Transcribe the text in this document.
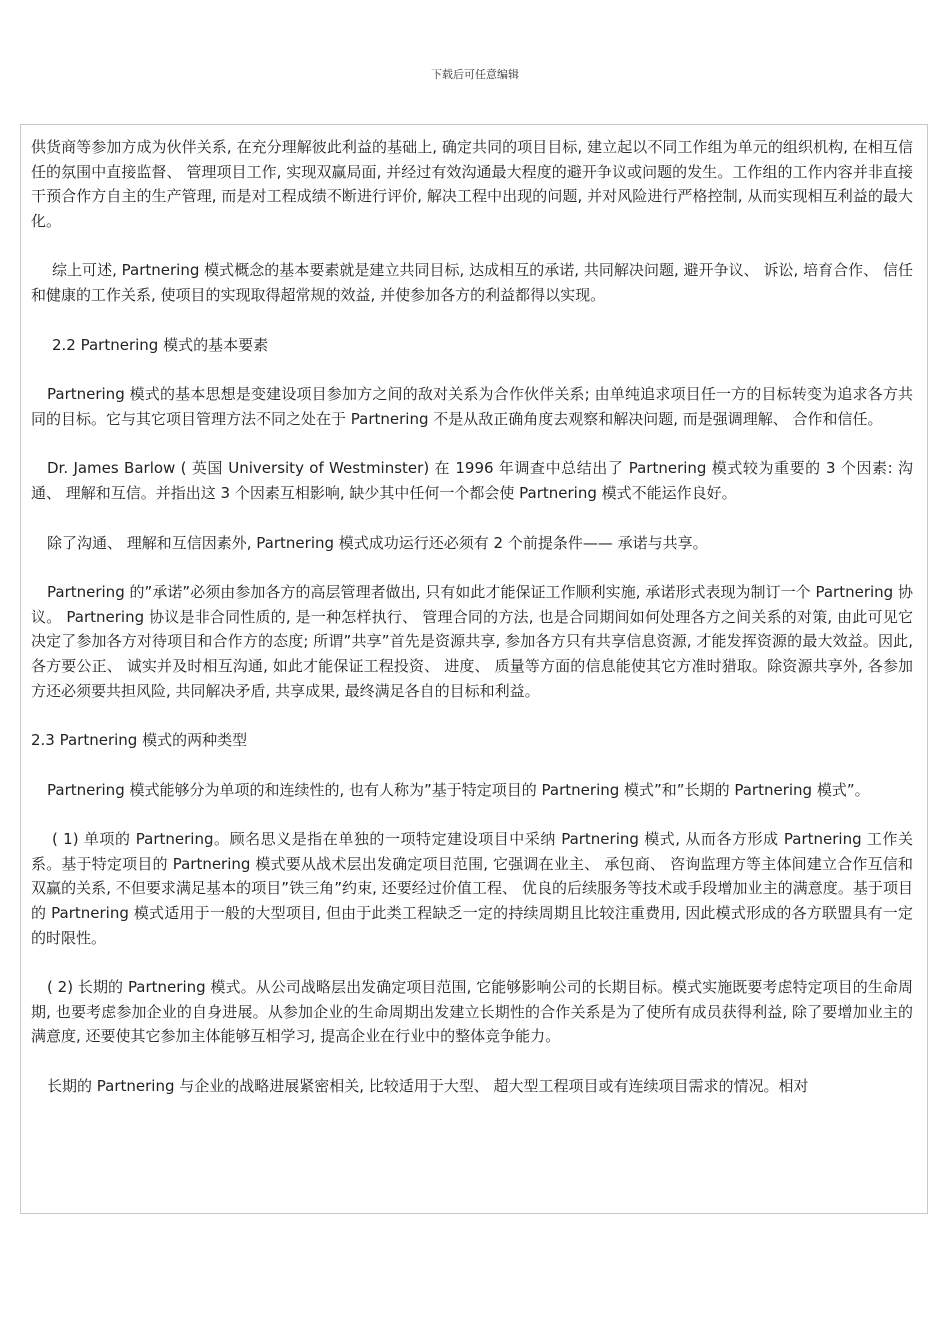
下载后可任意编辑

供货商等参加方成为伙伴关系, 在充分理解彼此利益的基础上, 确定共同的项目目标, 建立起以不同工作组为单元的组织机构, 在相互信任的氛围中直接监督、 管理项目工作, 实现双赢局面, 并经过有效沟通最大程度的避开争议或问题的发生。工作组的工作内容并非直接干预合作方自主的生产管理, 而是对工程成绩不断进行评价, 解决工程中出现的问题, 并对风险进行严格控制, 从而实现相互利益的最大化。

综上可述, Partnering 模式概念的基本要素就是建立共同目标, 达成相互的承诺, 共同解决问题, 避开争议、 诉讼, 培育合作、 信任和健康的工作关系, 使项目的实现取得超常规的效益, 并使参加各方的利益都得以实现。

2.2 Partnering 模式的基本要素

Partnering 模式的基本思想是变建设项目参加方之间的敌对关系为合作伙伴关系; 由单纯追求项目任一方的目标转变为追求各方共同的目标。它与其它项目管理方法不同之处在于 Partnering 不是从敌正确角度去观察和解决问题, 而是强调理解、 合作和信任。

Dr. James Barlow ( 英国 University of Westminster) 在 1996 年调查中总结出了 Partnering 模式较为重要的 3 个因素: 沟通、 理解和互信。并指出这 3 个因素互相影响, 缺少其中任何一个都会使 Partnering 模式不能运作良好。

除了沟通、 理解和互信因素外, Partnering 模式成功运行还必须有 2 个前提条件—— 承诺与共享。

Partnering 的”承诺”必须由参加各方的高层管理者做出, 只有如此才能保证工作顺利实施, 承诺形式表现为制订一个 Partnering 协议。 Partnering 协议是非合同性质的, 是一种怎样执行、 管理合同的方法, 也是合同期间如何处理各方之间关系的对策, 由此可见它决定了参加各方对待项目和合作方的态度; 所谓”共享”首先是资源共享, 参加各方只有共享信息资源, 才能发挥资源的最大效益。因此, 各方要公正、 诚实并及时相互沟通, 如此才能保证工程投资、 进度、 质量等方面的信息能使其它方准时猎取。除资源共享外, 各参加方还必须要共担风险, 共同解决矛盾, 共享成果, 最终满足各自的目标和利益。

2.3 Partnering 模式的两种类型

Partnering 模式能够分为单项的和连续性的, 也有人称为”基于特定项目的 Partnering 模式”和”长期的 Partnering 模式”。

( 1) 单项的 Partnering。顾名思义是指在单独的一项特定建设项目中采纳 Partnering 模式, 从而各方形成 Partnering 工作关系。基于特定项目的 Partnering 模式要从战术层出发确定项目范围, 它强调在业主、 承包商、 咨询监理方等主体间建立合作互信和双赢的关系, 不但要求满足基本的项目”铁三角”约束, 还要经过价值工程、 优良的后续服务等技术或手段增加业主的满意度。基于项目的 Partnering 模式适用于一般的大型项目, 但由于此类工程缺乏一定的持续周期且比较注重费用, 因此模式形成的各方联盟具有一定的时限性。

( 2) 长期的 Partnering 模式。从公司战略层出发确定项目范围, 它能够影响公司的长期目标。模式实施既要考虑特定项目的生命周期, 也要考虑参加企业的自身进展。从参加企业的生命周期出发建立长期性的合作关系是为了使所有成员获得利益, 除了要增加业主的满意度, 还要使其它参加主体能够互相学习, 提高企业在行业中的整体竞争能力。

长期的 Partnering 与企业的战略进展紧密相关, 比较适用于大型、 超大型工程项目或有连续项目需求的情况。相对
